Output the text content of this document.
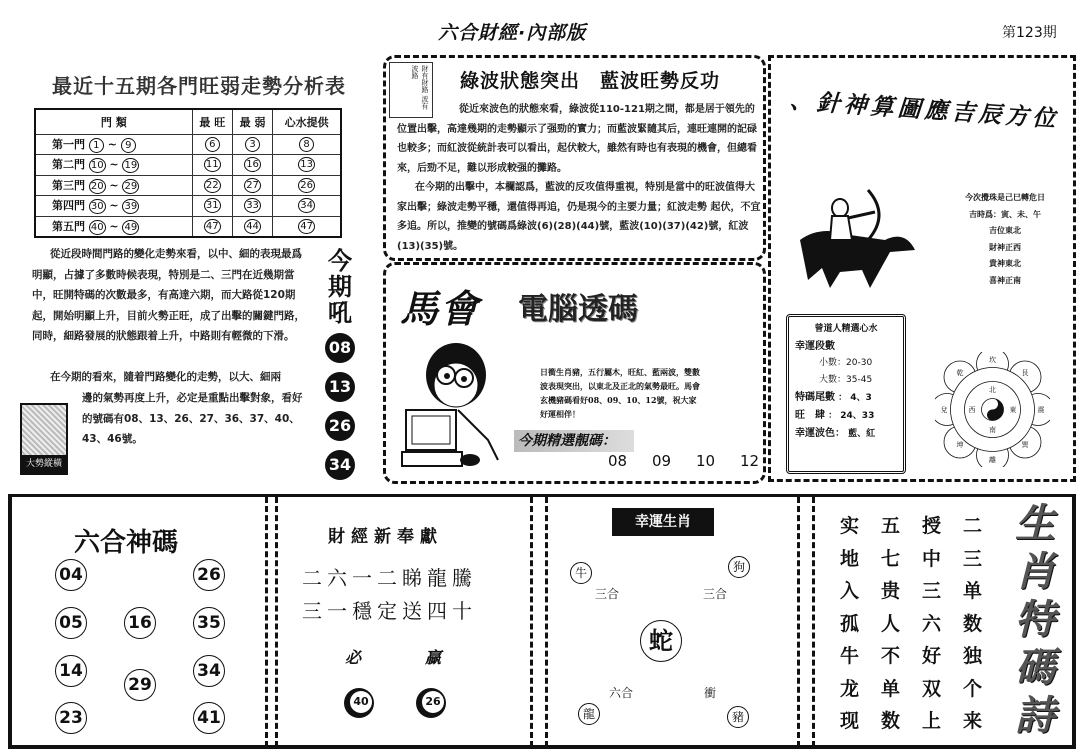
六合財經·內部版	第123期
最近十五期各門旺弱走勢分析表
門 類	最 旺	最 弱	心水提供
第一門 1 ~ 9	6	3	8
第二門 10 ~ 19	11	16	13
第三門 20 ~ 29	22	27	26
第四門 30 ~ 39	31	33	34
第五門 40 ~ 49	47	44	47
從近段時間門路的變化走勢來看，以中、細的表現最爲明顯，占據了多數時候表現，特別是二、三門在近幾期當中，旺開特碼的次數最多，有高達六期，而大路從120期起，開始明顯上升，目前火勢正旺，成了出擊的關鍵門路，同時，細路發展的狀態跟着上升，中路則有輕微的下滑。
在今期的看來，隨着門路變化的走勢，以大、細兩
邊的氣勢再度上升，必定是重點出擊對象，看好的號碼有08、13、26、27、36、37、40、43、46號。
大勢縱橫
今
期
吼
08
13
26
34
財有財路 波有波路	綠波狀態突出　藍波旺勢反功
從近來波色的狀態來看，綠波從110-121期之間，都是居于領先的位置出擊，高達幾期的走勢顯示了强勁的實力；而藍波緊隨其后，連旺連開的記碌也較多；而紅波從統計表可以看出，起伏較大，雖然有時也有表現的機會，但總看來，后勁不足，難以形成較强的攤路。
在今期的出擊中，本欄認爲，藍波的反攻值得重視，特別是當中的旺波值得大家出擊；綠波走勢平穩，還值得再追，仍是現今的主要力量；紅波走勢 起伏，不宜多追。所以，推變的號碼爲綠波(6)(28)(44)號，藍波(10)(37)(42)號，紅波(13)(35)號。
馬會 電腦透碼
日衝生肖豬，五行屬木，旺紅、藍兩波，雙數波表現突出，以東北及正北的氣勢最旺。馬會玄機豬碼看好08、09、10、12號，祝大家好運相伴！
今期精選靚碼：
08 09 10 12
、針神算圖應吉辰方位
今次攪珠是己巳轉危日
吉時爲：寅、未、午
吉位東北
財神正西
貴神東北
喜神正南
曾道人精選心水
幸運段數
小數：20-30
大數：35-45
特碼尾數 ： 4、3
旺　肆 ： 24、33
幸運波色： 藍、紅
坎
艮
震
巽
離
坤
兌
乾
北
東
南
西
六合神碼
04	26
05	16	35
14
29
34
23	41
財經新奉獻
二六一二睇龍騰
三一穩定送四十
必	贏
40	26
幸運生肖
牛	狗
龍	豬
三合	三合
六合	衝
蛇
二
三
单
数
独
个
来
授
中
三
六
好
双
上
五
七
贵
人
不
单
数
实
地
入
孤
牛
龙
现
生
肖
特
碼
詩
